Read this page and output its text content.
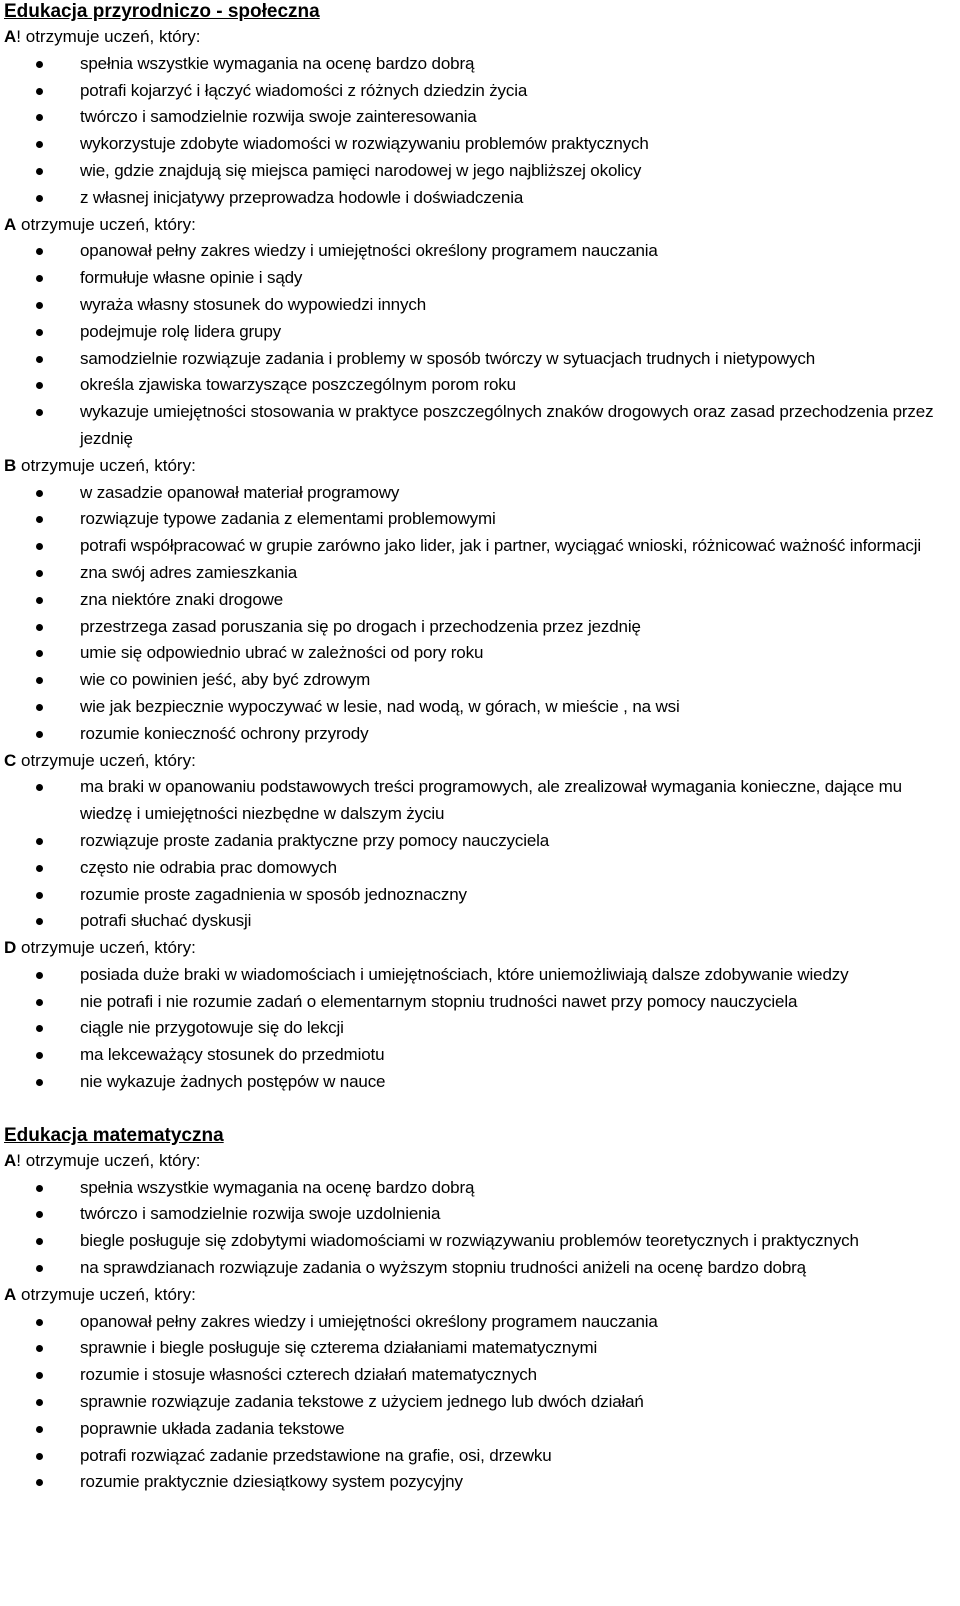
Edukacja przyrodniczo - społeczna
A! otrzymuje uczeń, który:
spełnia wszystkie wymagania na ocenę bardzo dobrą
potrafi kojarzyć i łączyć wiadomości z różnych dziedzin życia
twórczo i samodzielnie rozwija swoje zainteresowania
wykorzystuje zdobyte wiadomości w rozwiązywaniu problemów praktycznych
wie, gdzie znajdują się miejsca pamięci narodowej w jego najbliższej okolicy
z własnej inicjatywy przeprowadza hodowle i doświadczenia
A otrzymuje uczeń, który:
opanował pełny zakres wiedzy i umiejętności określony programem nauczania
formułuje własne opinie i sądy
wyraża własny stosunek do wypowiedzi innych
podejmuje rolę lidera grupy
samodzielnie rozwiązuje zadania i problemy w sposób twórczy w sytuacjach trudnych i nietypowych
określa zjawiska towarzyszące poszczególnym porom roku
wykazuje umiejętności stosowania w praktyce poszczególnych znaków drogowych oraz zasad przechodzenia przez jezdnię
B otrzymuje uczeń, który:
w zasadzie opanował materiał programowy
rozwiązuje typowe zadania z elementami problemowymi
potrafi współpracować w grupie zarówno jako lider, jak i partner, wyciągać wnioski, różnicować ważność informacji
zna swój adres zamieszkania
zna niektóre znaki drogowe
przestrzega zasad poruszania się po drogach i przechodzenia przez jezdnię
umie się odpowiednio ubrać w zależności od pory roku
wie co powinien jeść, aby być zdrowym
wie jak bezpiecznie wypoczywać w lesie, nad wodą, w górach, w mieście , na wsi
rozumie konieczność ochrony przyrody
C otrzymuje uczeń, który:
ma braki w opanowaniu podstawowych treści programowych, ale zrealizował wymagania konieczne, dające mu wiedzę i umiejętności niezbędne w dalszym życiu
rozwiązuje proste zadania praktyczne przy pomocy nauczyciela
często nie odrabia prac domowych
rozumie proste zagadnienia w sposób jednoznaczny
potrafi słuchać dyskusji
D otrzymuje uczeń, który:
posiada duże braki w wiadomościach i umiejętnościach, które uniemożliwiają dalsze zdobywanie wiedzy
nie potrafi i nie rozumie zadań o elementarnym stopniu trudności nawet przy pomocy nauczyciela
ciągle nie przygotowuje się do lekcji
ma lekceważący stosunek do przedmiotu
nie wykazuje żadnych postępów w nauce
Edukacja matematyczna
A! otrzymuje uczeń, który:
spełnia wszystkie wymagania na ocenę bardzo dobrą
twórczo i samodzielnie rozwija swoje uzdolnienia
biegle posługuje się zdobytymi wiadomościami w rozwiązywaniu problemów teoretycznych i praktycznych
na sprawdzianach rozwiązuje zadania o wyższym stopniu trudności aniżeli na ocenę bardzo dobrą
A otrzymuje uczeń, który:
opanował pełny zakres wiedzy i umiejętności określony programem nauczania
sprawnie i biegle posługuje się czterema działaniami matematycznymi
rozumie i stosuje własności czterech działań matematycznych
sprawnie rozwiązuje zadania tekstowe z użyciem jednego lub dwóch działań
poprawnie układa zadania tekstowe
potrafi rozwiązać zadanie przedstawione na grafie, osi, drzewku
rozumie praktycznie dziesiątkowy system pozycyjny
